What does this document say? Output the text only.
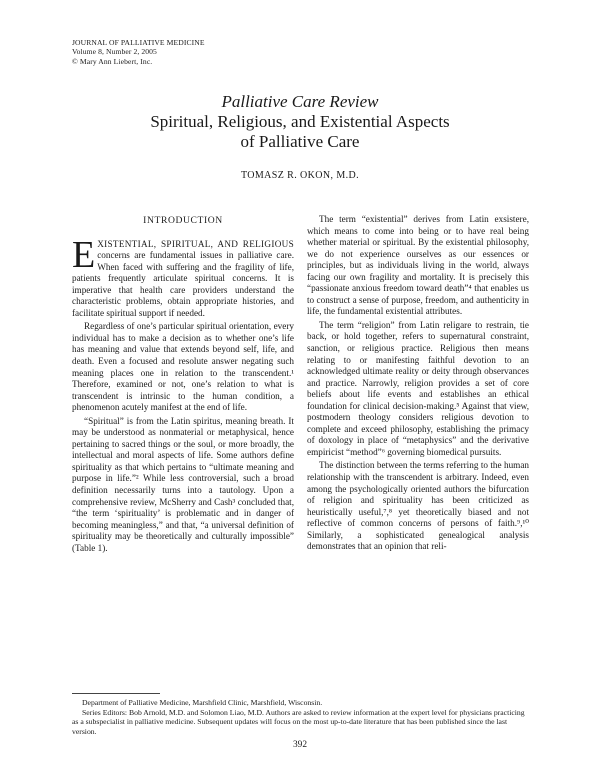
JOURNAL OF PALLIATIVE MEDICINE
Volume 8, Number 2, 2005
© Mary Ann Liebert, Inc.
Palliative Care Review
Spiritual, Religious, and Existential Aspects
of Palliative Care
TOMASZ R. OKON, M.D.
INTRODUCTION

EXISTENTIAL, SPIRITUAL, AND RELIGIOUS concerns are fundamental issues in palliative care. When faced with suffering and the fragility of life, patients frequently articulate spiritual concerns. It is imperative that health care providers understand the characteristic problems, obtain appropriate histories, and facilitate spiritual support if needed.

Regardless of one’s particular spiritual orientation, every individual has to make a decision as to whether one’s life has meaning and value that extends beyond self, life, and death. Even a focused and resolute answer negating such meaning places one in relation to the transcendent.¹ Therefore, examined or not, one’s relation to what is transcendent is intrinsic to the human condition, a phenomenon acutely manifest at the end of life.

“Spiritual” is from the Latin spiritus, meaning breath. It may be understood as nonmaterial or metaphysical, hence pertaining to sacred things or the soul, or more broadly, the intellectual and moral aspects of life. Some authors define spirituality as that which pertains to “ultimate meaning and purpose in life.”² While less controversial, such a broad definition necessarily turns into a tautology. Upon a comprehensive review, McSherry and Cash³ concluded that, “the term ‘spirituality’ is problematic and in danger of becoming meaningless,” and that, “a universal definition of spirituality may be theoretically and culturally impossible” (Table 1).

The term “existential” derives from Latin exsistere, which means to come into being or to have real being whether material or spiritual. By the existential philosophy, we do not experience ourselves as our essences or principles, but as individuals living in the world, always facing our own fragility and mortality. It is precisely this “passionate anxious freedom toward death”⁴ that enables us to construct a sense of purpose, freedom, and authenticity in life, the fundamental existential attributes.

The term “religion” from Latin religare to restrain, tie back, or hold together, refers to supernatural constraint, sanction, or religious practice. Religious then means relating to or manifesting faithful devotion to an acknowledged ultimate reality or deity through observances and practice. Narrowly, religion provides a set of core beliefs about life events and establishes an ethical foundation for clinical decision-making.⁵ Against that view, postmodern theology considers religious devotion to complete and exceed philosophy, establishing the primacy of doxology in place of “metaphysics” and the derivative empiricist “method”⁶ governing biomedical pursuits.

The distinction between the terms referring to the human relationship with the transcendent is arbitrary. Indeed, even among the psychologically oriented authors the bifurcation of religion and spirituality has been criticized as heuristically useful,⁷,⁸ yet theoretically biased and not reflective of common concerns of persons of faith.⁹,¹⁰ Similarly, a sophisticated genealogical analysis demonstrates that an opinion that reli-

Department of Palliative Medicine, Marshfield Clinic, Marshfield, Wisconsin.

Series Editors: Bob Arnold, M.D. and Solomon Liao, M.D. Authors are asked to review information at the expert level for physicians practicing as a subspecialist in palliative medicine. Subsequent updates will focus on the most up-to-date literature that has been published since the last version.

392
